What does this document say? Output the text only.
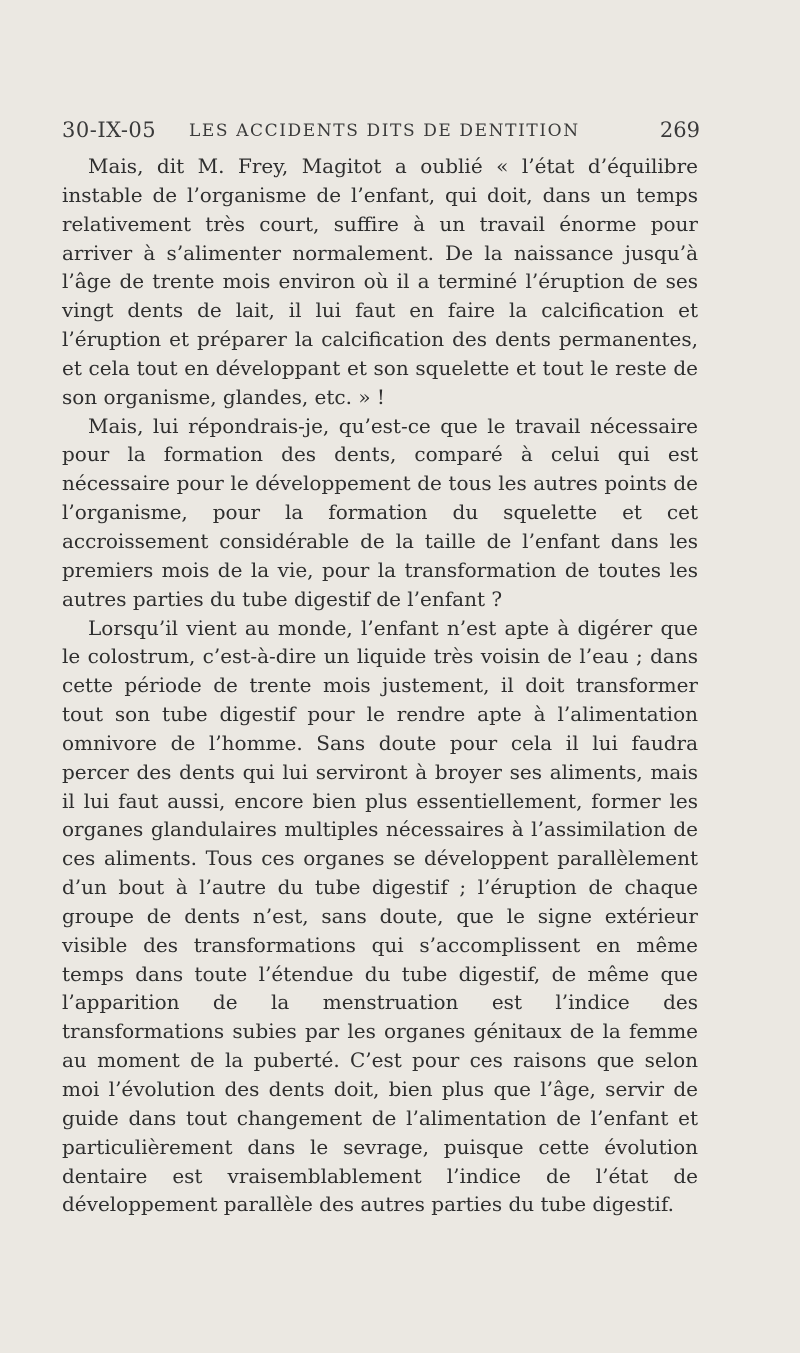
30-IX-05 LES ACCIDENTS DITS DE DENTITION	269

Mais, dit M. Frey, Magitot a oublié « l’état d’équilibre instable de l’organisme de l’enfant, qui doit, dans un temps relativement très court, suffire à un travail énorme pour arriver à s’alimenter normalement. De la naissance jusqu’à l’âge de trente mois environ où il a terminé l’éruption de ses vingt dents de lait, il lui faut en faire la calcification et l’éruption et préparer la calcification des dents permanentes, et cela tout en développant et son squelette et tout le reste de son organisme, glandes, etc. » !

Mais, lui répondrais-je, qu’est-ce que le travail nécessaire pour la formation des dents, comparé à celui qui est nécessaire pour le développement de tous les autres points de l’organisme, pour la formation du squelette et cet accroissement considérable de la taille de l’enfant dans les premiers mois de la vie, pour la transformation de toutes les autres parties du tube digestif de l’enfant ?

Lorsqu’il vient au monde, l’enfant n’est apte à digérer que le colostrum, c’est-à-dire un liquide très voisin de l’eau ; dans cette période de trente mois justement, il doit transformer tout son tube digestif pour le rendre apte à l’alimentation omnivore de l’homme. Sans doute pour cela il lui faudra percer des dents qui lui serviront à broyer ses aliments, mais il lui faut aussi, encore bien plus essentiellement, former les organes glandulaires multiples nécessaires à l’assimilation de ces aliments. Tous ces organes se développent parallèlement d’un bout à l’autre du tube digestif ; l’éruption de chaque groupe de dents n’est, sans doute, que le signe extérieur visible des transformations qui s’accomplissent en même temps dans toute l’étendue du tube digestif, de même que l’apparition de la menstruation est l’indice des transformations subies par les organes génitaux de la femme au moment de la puberté. C’est pour ces raisons que selon moi l’évolution des dents doit, bien plus que l’âge, servir de guide dans tout changement de l’alimentation de l’enfant et particulièrement dans le sevrage, puisque cette évolution dentaire est vraisemblablement l’indice de l’état de développement parallèle des autres parties du tube digestif.
